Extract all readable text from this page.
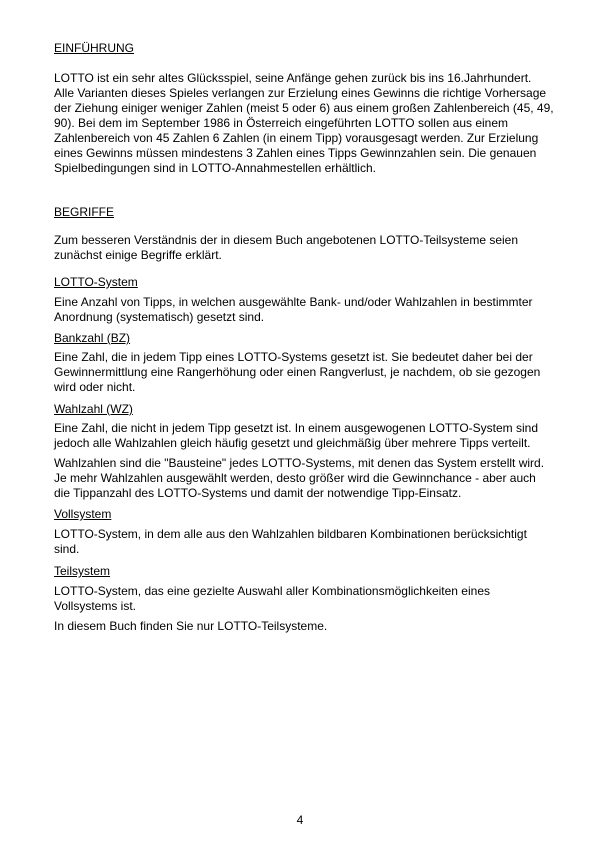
EINFÜHRUNG

LOTTO ist ein sehr altes Glücksspiel, seine Anfänge gehen zurück bis ins 16.Jahrhundert. Alle Varianten dieses Spieles verlangen zur Erzielung eines Gewinns die richtige Vorhersage der Ziehung einiger weniger Zahlen (meist 5 oder 6) aus einem großen Zahlenbereich (45, 49, 90). Bei dem im September 1986 in Österreich eingeführten LOTTO sollen aus einem Zahlenbereich von 45 Zahlen 6 Zahlen (in einem Tipp) vorausgesagt werden. Zur Erzielung eines Gewinns müssen mindestens 3 Zahlen eines Tipps Gewinnzahlen sein. Die genauen Spielbedingungen sind in LOTTO-Annahmestellen erhältlich.

BEGRIFFE

Zum besseren Verständnis der in diesem Buch angebotenen LOTTO-Teilsysteme seien zunächst einige Begriffe erklärt.

LOTTO-System

Eine Anzahl von Tipps, in welchen ausgewählte Bank- und/oder Wahlzahlen in bestimmter Anordnung (systematisch) gesetzt sind.

Bankzahl (BZ)

Eine Zahl, die in jedem Tipp eines LOTTO-Systems gesetzt ist. Sie bedeutet daher bei der Gewinnermittlung eine Rangerhöhung oder einen Rangverlust, je nachdem, ob sie gezogen wird oder nicht.

Wahlzahl (WZ)

Eine Zahl, die nicht in jedem Tipp gesetzt ist. In einem ausgewogenen LOTTO-System sind jedoch alle Wahlzahlen gleich häufig gesetzt und gleichmäßig über mehrere Tipps verteilt.

Wahlzahlen sind die "Bausteine" jedes LOTTO-Systems, mit denen das System erstellt wird. Je mehr Wahlzahlen ausgewählt werden, desto größer wird die Gewinnchance - aber auch die Tippanzahl des LOTTO-Systems und damit der notwendige Tipp-Einsatz.

Vollsystem

LOTTO-System, in dem alle aus den Wahlzahlen bildbaren Kombinationen berücksichtigt sind.

Teilsystem

LOTTO-System, das eine gezielte Auswahl aller Kombinationsmöglichkeiten eines Vollsystems ist.

In diesem Buch finden Sie nur LOTTO-Teilsysteme.

4
